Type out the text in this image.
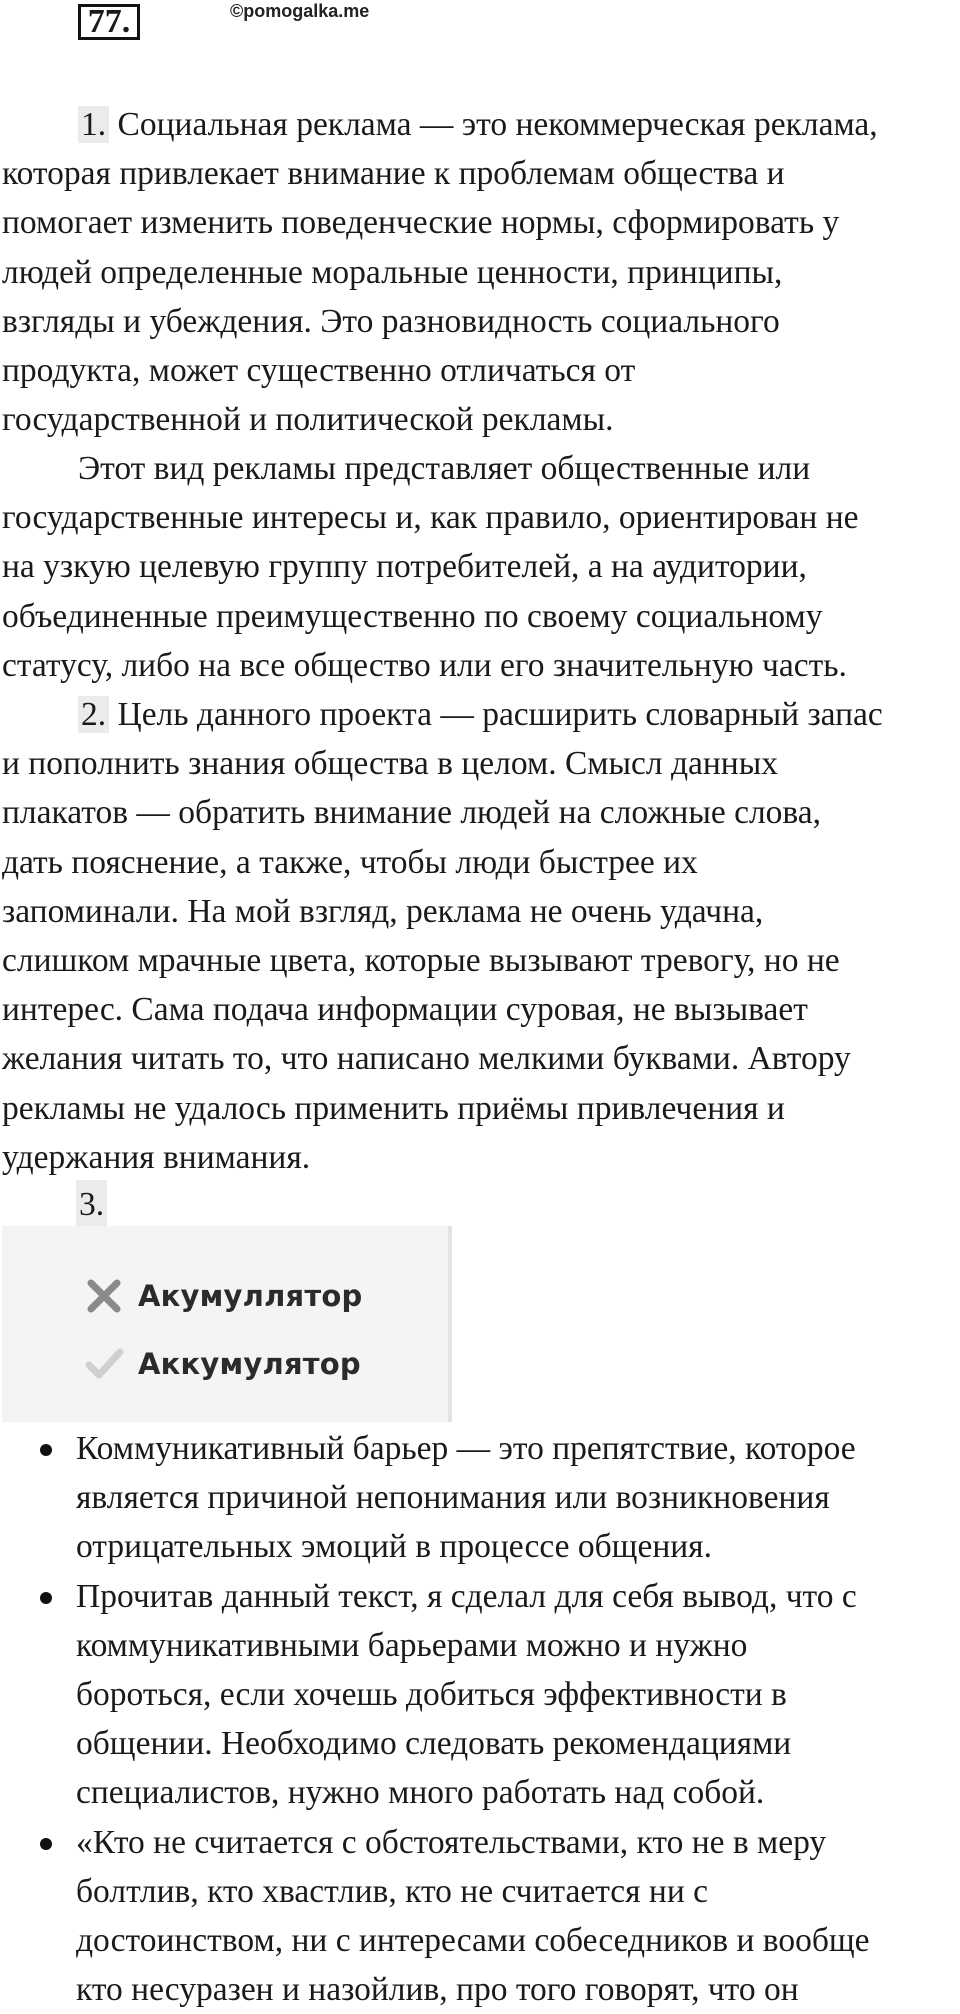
77.	©pomogalka.me
1. Социальная реклама — это некоммерческая реклама,
которая привлекает внимание к проблемам общества и
помогает изменить поведенческие нормы, сформировать у
людей определенные моральные ценности, принципы,
взгляды и убеждения. Это разновидность социального
продукта, может существенно отличаться от
государственной и политической рекламы.
Этот вид рекламы представляет общественные или
государственные интересы и, как правило, ориентирован не
на узкую целевую группу потребителей, а на аудитории,
объединенные преимущественно по своему социальному
статусу, либо на все общество или его значительную часть.
2. Цель данного проекта — расширить словарный запас
и пополнить знания общества в целом. Смысл данных
плакатов — обратить внимание людей на сложные слова,
дать пояснение, а также, чтобы люди быстрее их
запоминали. На мой взгляд, реклама не очень удачна,
слишком мрачные цвета, которые вызывают тревогу, но не
интерес. Сама подача информации суровая, не вызывает
желания читать то, что написано мелкими буквами. Автору
рекламы не удалось применить приёмы привлечения и
удержания внимания.
3.
Акумуллятор
Аккумулятор
Коммуникативный барьер — это препятствие, которое
является причиной непонимания или возникновения
отрицательных эмоций в процессе общения.
Прочитав данный текст, я сделал для себя вывод, что с
коммуникативными барьерами можно и нужно
бороться, если хочешь добиться эффективности в
общении. Необходимо следовать рекомендациями
специалистов, нужно много работать над собой.
«Кто не считается с обстоятельствами, кто не в меру
болтлив, кто хвастлив, кто не считается ни с
достоинством, ни с интересами собеседников и вообще
кто несуразен и назойлив, про того говорят, что он
